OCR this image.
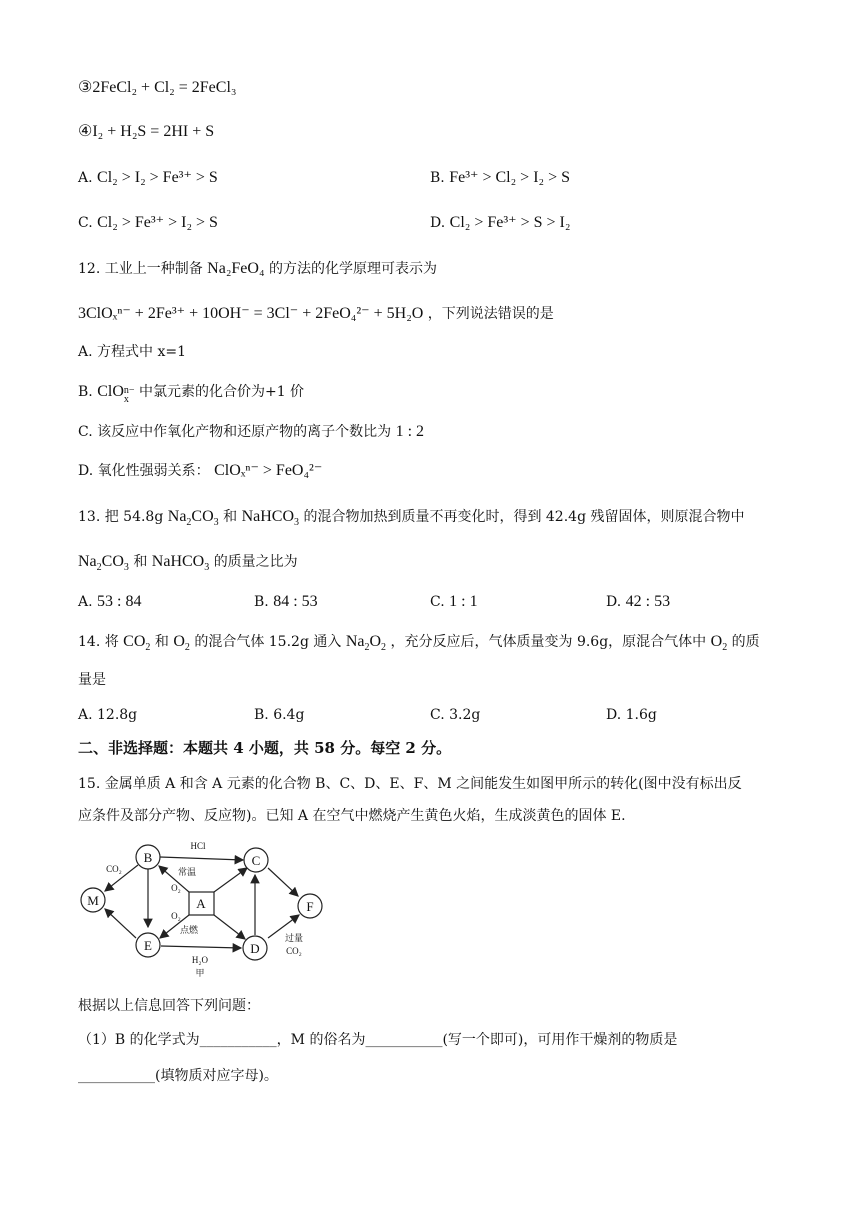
③2FeCl₂ + Cl₂ = 2FeCl₃
④I₂ + H₂S = 2HI + S
A. Cl₂ > I₂ > Fe³⁺ > S	B. Fe³⁺ > Cl₂ > I₂ > S
C. Cl₂ > Fe³⁺ > I₂ > S	D. Cl₂ > Fe³⁺ > S > I₂
12. 工业上一种制备 Na₂FeO₄ 的方法的化学原理可表示为
3ClOₓⁿ⁻ + 2Fe³⁺ + 10OH⁻ = 3Cl⁻ + 2FeO₄²⁻ + 5H₂O ，下列说法错误的是
A. 方程式中 x=1
B. ClO n−
x 中氯元素的化合价为+1 价
C. 该反应中作氧化产物和还原产物的离子个数比为 1 : 2
D. 氧化性强弱关系： ClOₓⁿ⁻ > FeO₄²⁻
13. 把 54.8g $Na_2CO_3$ 和 NaHCO$_3$ 的混合物加热到质量不再变化时，得到 42.4g 残留固体，则原混合物中
$Na_2CO_3$ 和 NaHCO$_3$ 的质量之比为
A. 53 : 84	B. 84 : 53	C. 1 : 1	D. 42 : 53
14. 将 $CO_2$ 和 $O_2$ 的混合气体 15.2g 通入 $Na_2O_2$ ，充分反应后，气体质量变为 9.6g，原混合气体中 $O_2$ 的质
量是
A. 12.8g	B. 6.4g	C. 3.2g	D. 1.6g
二、非选择题：本题共 4 小题，共 58 分。每空 2 分。
15. 金属单质 A 和含 A 元素的化合物 B、C、D、E、F、M 之间能发生如图甲所示的转化(图中没有标出反
应条件及部分产物、反应物)。已知 A 在空气中燃烧产生黄色火焰，生成淡黄色的固体 E.
B	C
M	F
E	D
A
HCl
CO₂	常温
O₂
O₂
点燃
H₂O
甲
过量
CO₂
根据以上信息回答下列问题：
（1）B 的化学式为___________，M 的俗名为___________(写一个即可)，可用作干燥剂的物质是
___________(填物质对应字母)。
